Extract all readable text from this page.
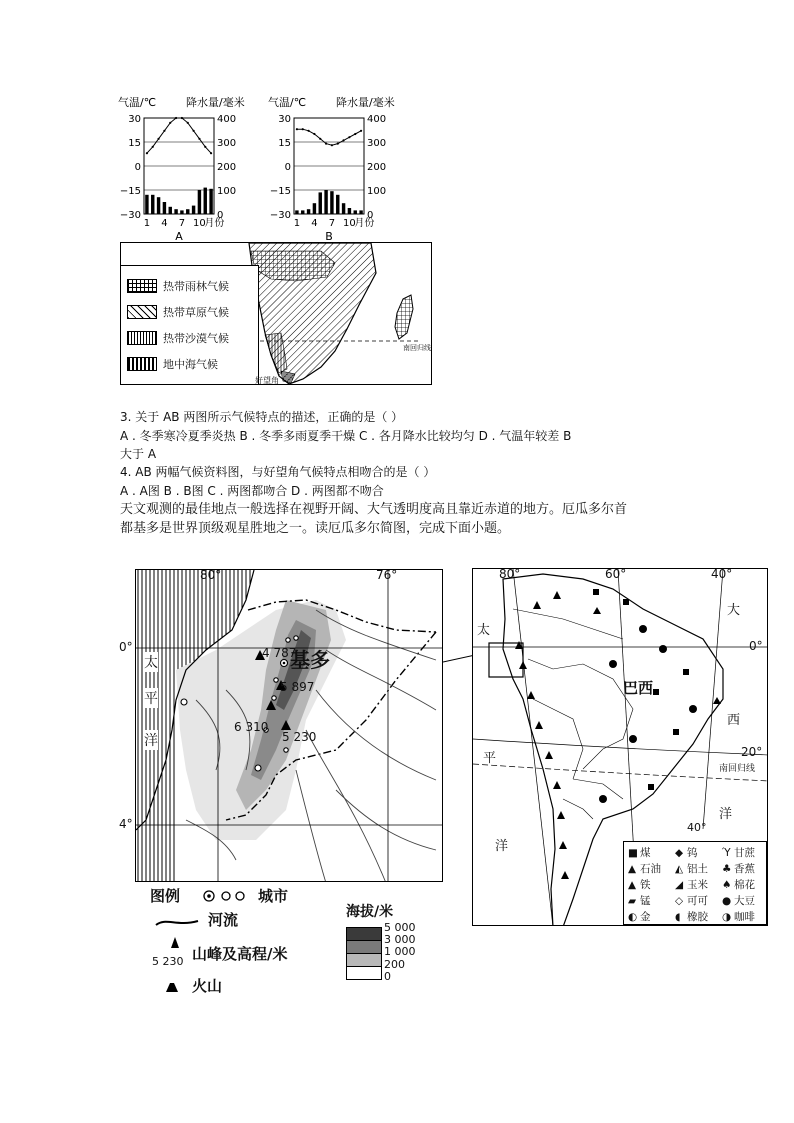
气温/℃	降水量/毫米
30
15
0
−15
−30
400
300
200
100
0
1 4 7 10
月份
A
气温/℃	降水量/毫米
30
15
0
−15
−30
400
300
200
100
0
1 4 7 10
月份
B
热带雨林气候
热带草原气候
热带沙漠气候
地中海气候
南回归线
好望角
3. 关于 AB 两图所示气候特点的描述，正确的是（ ）
A . 冬季寒冷夏季炎热 B . 冬季多雨夏季干燥 C . 各月降水比较均匀 D . 气温年较差 B
大于 A
4. AB 两幅气候资料图，与好望角气候特点相吻合的是（ ）
A . A图 B . B图 C . 两图都吻合 D . 两图都不吻合
天文观测的最佳地点一般选择在视野开阔、大气透明度高且靠近赤道的地方。厄瓜多尔首
都基多是世界顶级观星胜地之一。读厄瓜多尔简图，完成下面小题。
80°	76°
太
平
洋
基多
4 787
5 897
6 310
5 230
0°
4°
图例	城市
河流
5 230 山峰及高程/米
火山
海拔/米
5 000
3 000
1 000
200
0
80°	60°	40°
0°
20°
40°
巴西
南回归线
太
平
洋
大
西
洋
■ 煤 ◆ 钨 Ύ 甘蔗
▲ 石油 ◭ 铝土 ♣ 香蕉
▲ 铁 ◢ 玉米 ♠ 棉花
▰ 锰 ◇ 可可 ● 大豆
◐ 金 ◖ 橡胶 ◑ 咖啡
